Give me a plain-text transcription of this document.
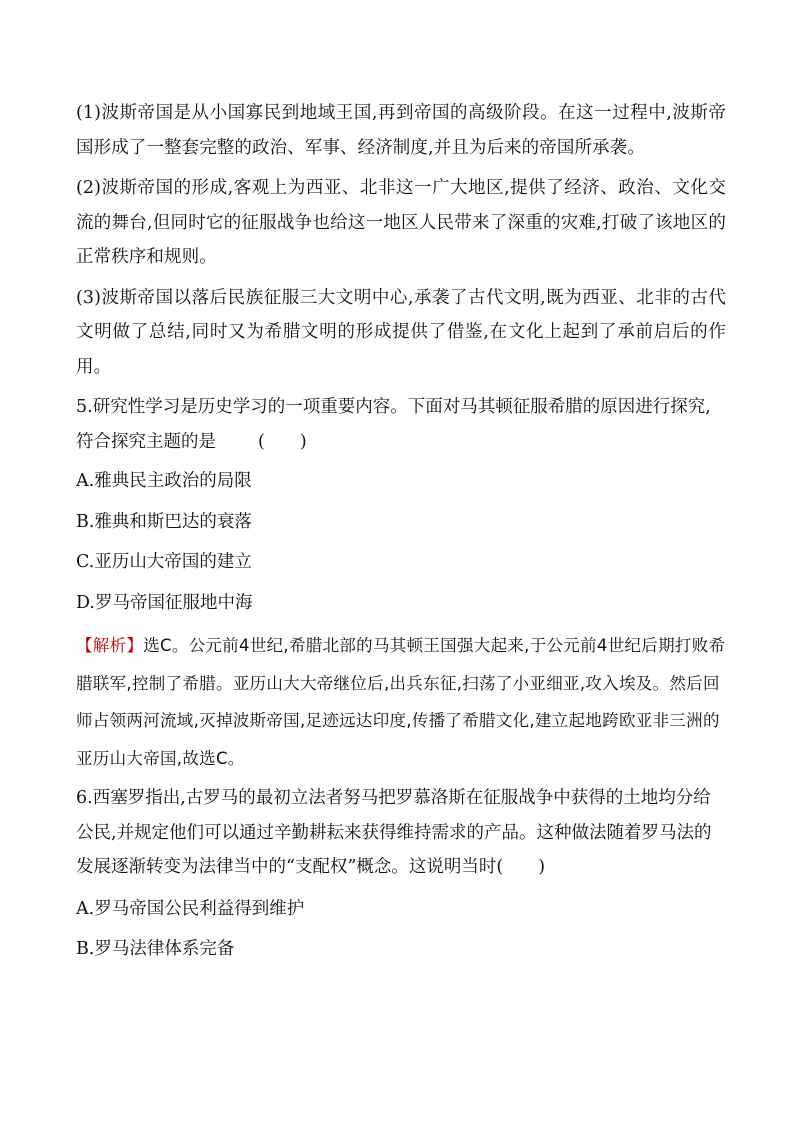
(1)波斯帝国是从小国寡民到地域王国,再到帝国的高级阶段。在这一过程中,波斯帝国形成了一整套完整的政治、军事、经济制度,并且为后来的帝国所承袭。

(2)波斯帝国的形成,客观上为西亚、北非这一广大地区,提供了经济、政治、文化交流的舞台,但同时它的征服战争也给这一地区人民带来了深重的灾难,打破了该地区的正常秩序和规则。

(3)波斯帝国以落后民族征服三大文明中心,承袭了古代文明,既为西亚、北非的古代文明做了总结,同时又为希腊文明的形成提供了借鉴,在文化上起到了承前启后的作用。

5.研究性学习是历史学习的一项重要内容。下面对马其顿征服希腊的原因进行探究,符合探究主题的是 (　　)

A.雅典民主政治的局限

B.雅典和斯巴达的衰落

C.亚历山大帝国的建立

D.罗马帝国征服地中海

【解析】选C。公元前4世纪,希腊北部的马其顿王国强大起来,于公元前4世纪后期打败希腊联军,控制了希腊。亚历山大大帝继位后,出兵东征,扫荡了小亚细亚,攻入埃及。然后回师占领两河流域,灭掉波斯帝国,足迹远达印度,传播了希腊文化,建立起地跨欧亚非三洲的亚历山大帝国,故选C。
6.西塞罗指出,古罗马的最初立法者努马把罗慕洛斯在征服战争中获得的土地均分给公民,并规定他们可以通过辛勤耕耘来获得维持需求的产品。这种做法随着罗马法的发展逐渐转变为法律当中的“支配权”概念。这说明当时(　　)

A.罗马帝国公民利益得到维护

B.罗马法律体系完备
